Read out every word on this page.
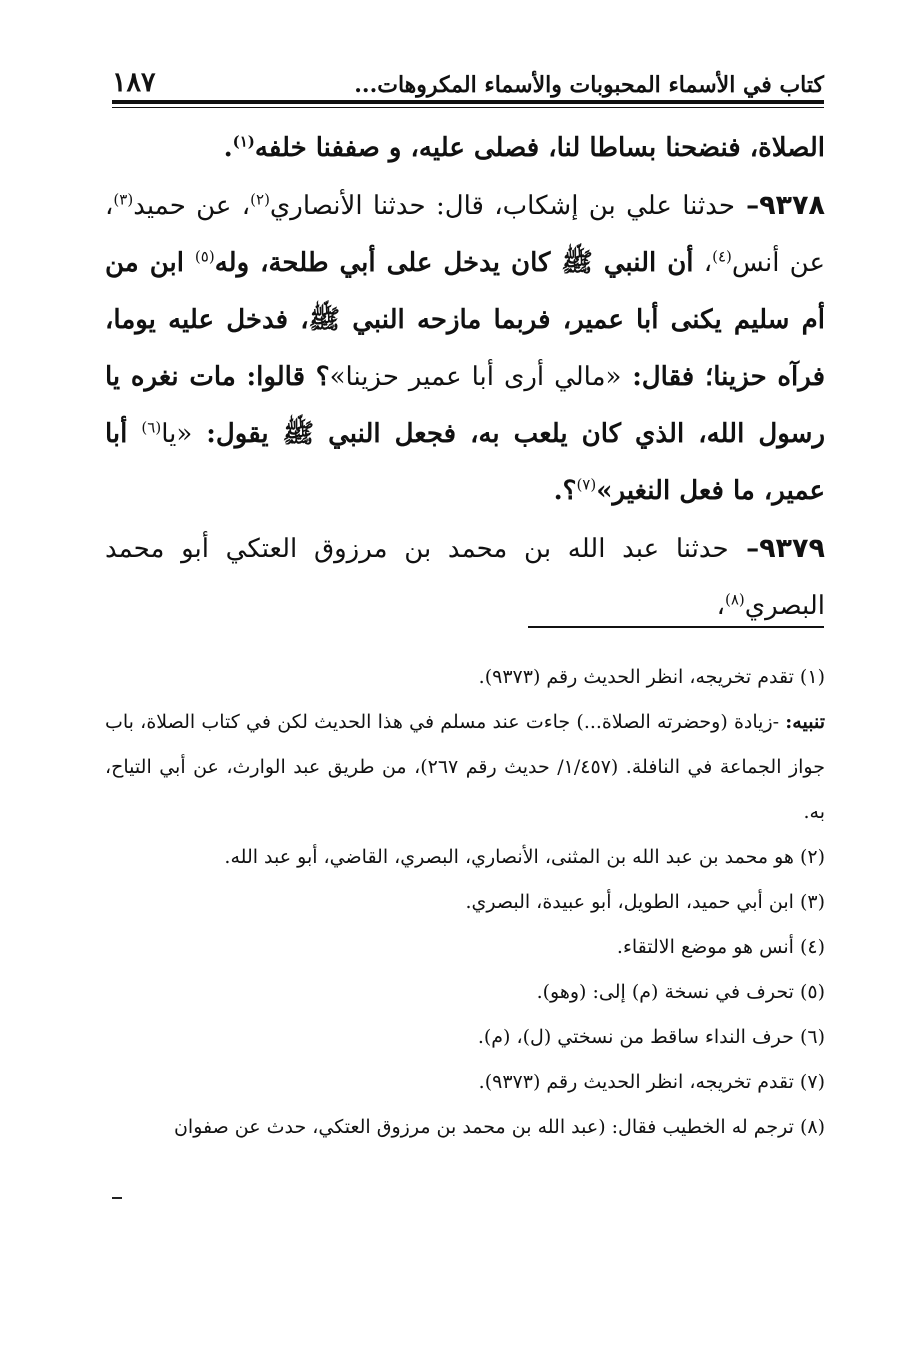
كتاب في الأسماء المحبوبات والأسماء المكروهات...
١٨٧

الصلاة، فنضحنا بساطا لنا، فصلى عليه، و صففنا خلفه$^{(١)}$.

٩٣٧٨– حدثنا علي بن إشكاب، قال: حدثنا الأنصاري$^{(٢)}$، عن حميد$^{(٣)}$، عن أنس$^{(٤)}$، أن النبي ﷺ كان يدخل على أبي طلحة، وله$^{(٥)}$ ابن من أم سليم يكنى أبا عمير، فربما مازحه النبي ﷺ، فدخل عليه يوما، فرآه حزينا؛ فقال: «مالي أرى أبا عمير حزينا»؟ قالوا: مات نغره يا رسول الله، الذي كان يلعب به، فجعل النبي ﷺ يقول: «يا$^{(٦)}$ أبا عمير، ما فعل النغير»$^{(٧)}$؟.

٩٣٧٩– حدثنا عبد الله بن محمد بن مرزوق العتكي أبو محمد البصري$^{(٨)}$،

(١) تقدم تخريجه، انظر الحديث رقم (٩٣٧٣).

تنبيه: -زيادة (وحضرته الصلاة...) جاءت عند مسلم في هذا الحديث لكن في كتاب الصلاة، باب جواز الجماعة في النافلة. (١/٤٥٧/ حديث رقم ٢٦٧)، من طريق عبد الوارث، عن أبي التياح، به.

(٢) هو محمد بن عبد الله بن المثنى، الأنصاري، البصري، القاضي، أبو عبد الله.

(٣) ابن أبي حميد، الطويل، أبو عبيدة، البصري.

(٤) أنس هو موضع الالتقاء.

(٥) تحرف في نسخة (م) إلى: (وهو).

(٦) حرف النداء ساقط من نسختي (ل)، (م).

(٧) تقدم تخريجه، انظر الحديث رقم (٩٣٧٣).

(٨) ترجم له الخطيب فقال: (عبد الله بن محمد بن مرزوق العتكي، حدث عن صفوان
